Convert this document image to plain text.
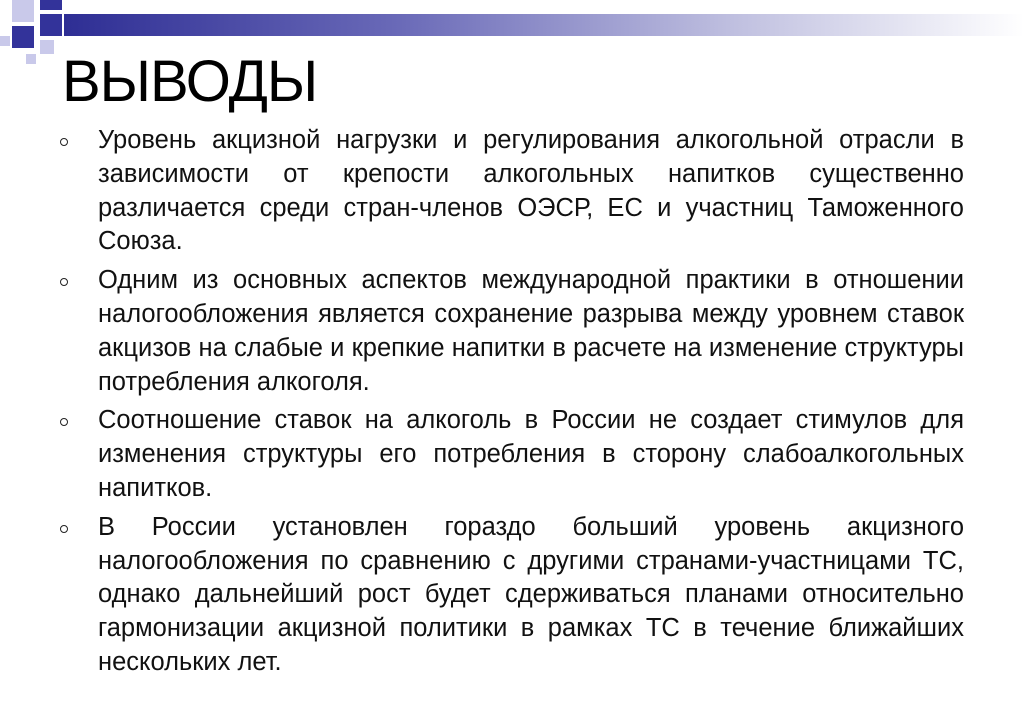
ВЫВОДЫ
Уровень акцизной нагрузки и регулирования алкогольной отрасли в зависимости от крепости алкогольных напитков существенно различается среди стран-членов ОЭСР, ЕС и участниц Таможенного Союза.
Одним из основных аспектов международной практики в отношении налогообложения является сохранение разрыва между уровнем ставок акцизов на слабые и крепкие напитки в расчете на изменение структуры потребления алкоголя.
Соотношение ставок на алкоголь в России не создает стимулов для изменения структуры его потребления в сторону слабоалкогольных напитков.
В России установлен гораздо больший уровень акцизного налогообложения по сравнению с другими странами-участницами ТС, однако дальнейший рост будет сдерживаться планами относительно гармонизации акцизной политики в рамках ТС в течение ближайших нескольких лет.
